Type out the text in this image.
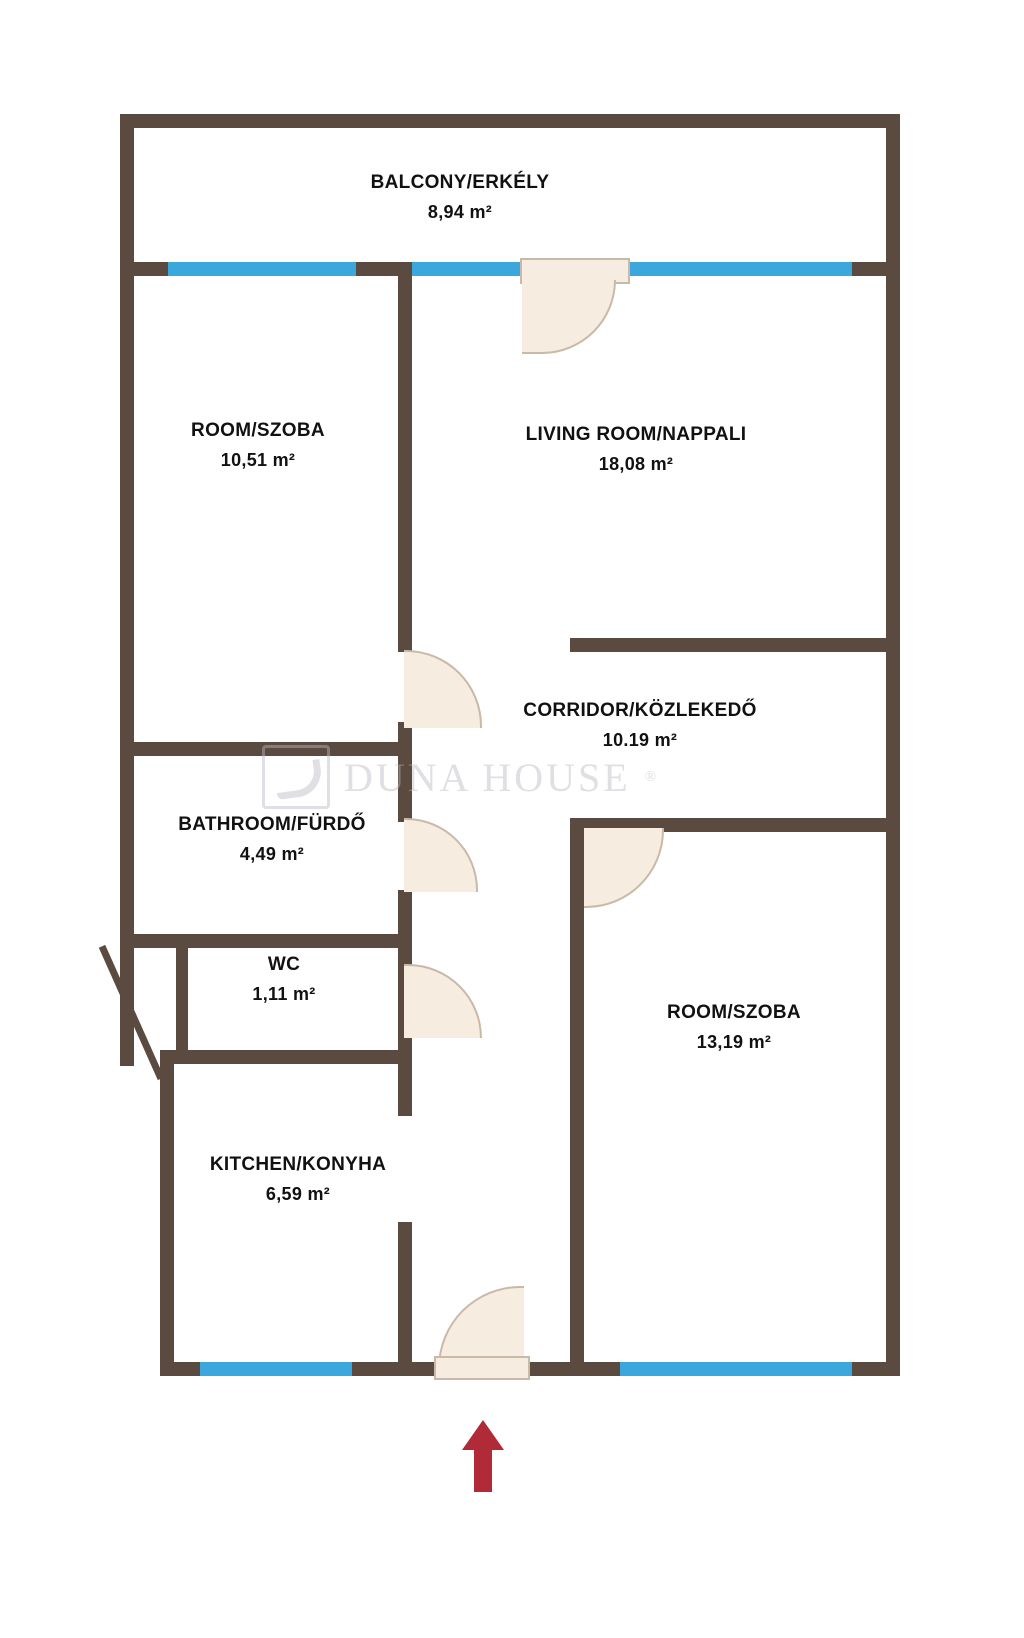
BALCONY/ERKÉLY
8,94 m²
ROOM/SZOBA
10,51 m²
LIVING ROOM/NAPPALI
18,08 m²
CORRIDOR/KÖZLEKEDŐ
10.19 m²
BATHROOM/FÜRDŐ
4,49 m²
WC
1,11 m²
KITCHEN/KONYHA
6,59 m²
ROOM/SZOBA
13,19 m²
DUNA HOUSE ®
